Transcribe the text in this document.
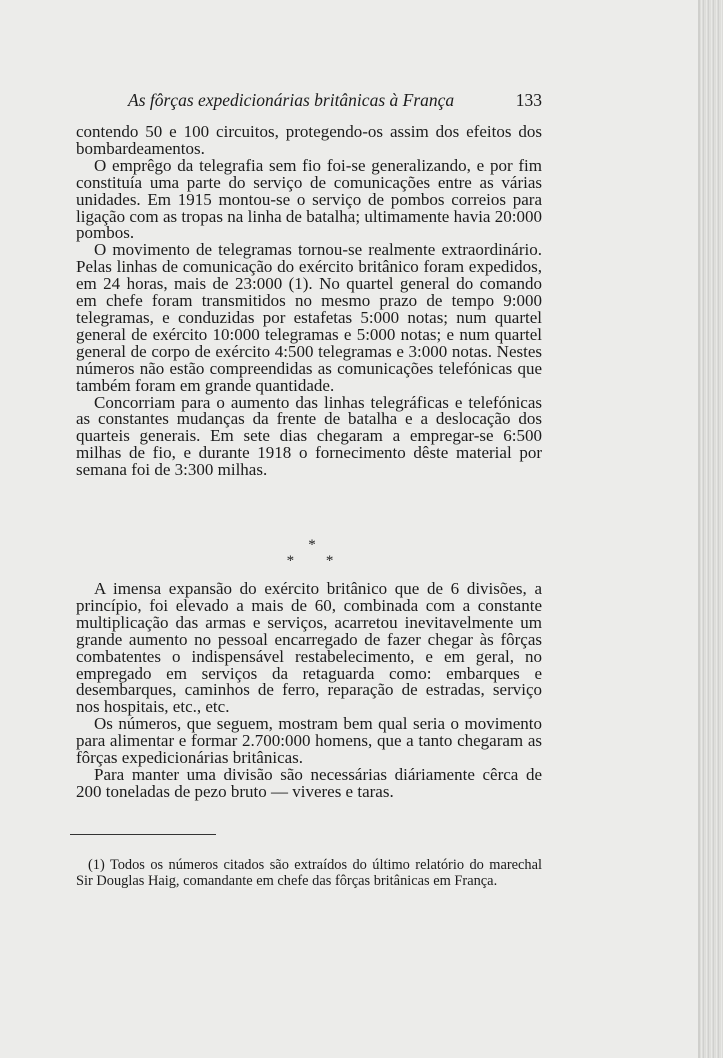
As fôrças expedicionárias britânicas à França	133

contendo 50 e 100 circuitos, protegendo-os assim dos efeitos dos bombardeamentos.

O emprêgo da telegrafia sem fio foi-se generalizando, e por fim constituía uma parte do serviço de comunicações entre as várias unidades. Em 1915 montou-se o serviço de pombos correios para ligação com as tropas na linha de batalha; ultimamente havia 20:000 pombos.

O movimento de telegramas tornou-se realmente extraordinário. Pelas linhas de comunicação do exército britânico foram expedidos, em 24 horas, mais de 23:000 (1). No quartel general do comando em chefe foram transmitidos no mesmo prazo de tempo 9:000 telegramas, e conduzidas por estafetas 5:000 notas; num quartel general de exército 10:000 telegramas e 5:000 notas; e num quartel general de corpo de exército 4:500 telegramas e 3:000 notas. Nestes números não estão compreendidas as comunicações telefónicas que também foram em grande quantidade.

Concorriam para o aumento das linhas telegráficas e telefónicas as constantes mudanças da frente de batalha e a deslocação dos quarteis generais. Em sete dias chegaram a empregar-se 6:500 milhas de fio, e durante 1918 o fornecimento dêste material por semana foi de 3:300 milhas.

*
* *

A imensa expansão do exército britânico que de 6 divisões, a princípio, foi elevado a mais de 60, combinada com a constante multiplicação das armas e serviços, acarretou inevitavelmente um grande aumento no pessoal encarregado de fazer chegar às fôrças combatentes o indispensável restabelecimento, e em geral, no empregado em serviços da retaguarda como: embarques e desembarques, caminhos de ferro, reparação de estradas, serviço nos hospitais, etc., etc.

Os números, que seguem, mostram bem qual seria o movimento para alimentar e formar 2.700:000 homens, que a tanto chegaram as fôrças expedicionárias britânicas.

Para manter uma divisão são necessárias diáriamente cêrca de 200 toneladas de pezo bruto — viveres e taras.

(1) Todos os números citados são extraídos do último relatório do marechal Sir Douglas Haig, comandante em chefe das fôrças britânicas em França.
